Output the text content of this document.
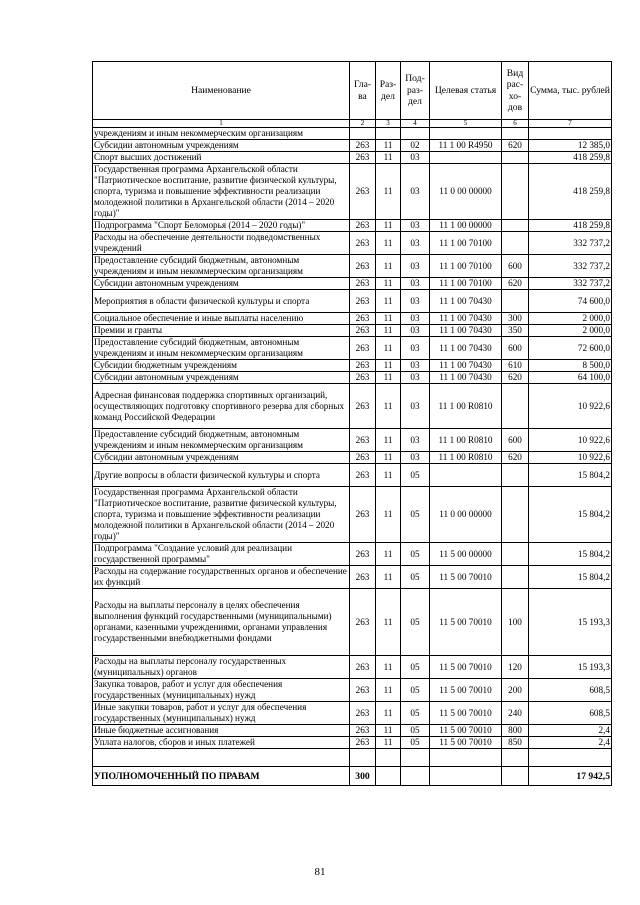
Наименование	Гла- ва	Раз- дел	Под- раз- дел	Целевая статья	Вид рас- хо- дов	Сумма, тыс. рублей
1	2	3	4	5	6	7
учреждениям и иным некоммерческим организациям						
Субсидии автономным учреждениям	263	11	02	11 1 00 R4950	620	12 385,0
Спорт высших достижений	263	11	03			418 259,8
Государственная программа Архангельской области "Патриотическое воспитание, развитие физической культуры, спорта, туризма и повышение эффективности реализации молодежной политики в Архангельской области (2014 – 2020 годы)"	263	11	03	11 0 00 00000		418 259,8
Подпрограмма "Спорт Беломорья (2014 – 2020 годы)"	263	11	03	11 1 00 00000		418 259,8
Расходы на обеспечение деятельности подведомственных учреждений	263	11	03	11 1 00 70100		332 737,2
Предоставление субсидий бюджетным, автономным учреждениям и иным некоммерческим организациям	263	11	03	11 1 00 70100	600	332 737,2
Субсидии автономным учреждениям	263	11	03	11 1 00 70100	620	332 737,2
Мероприятия в области физической культуры и спорта	263	11	03	11 1 00 70430		74 600,0
Социальное обеспечение и иные выплаты населению	263	11	03	11 1 00 70430	300	2 000,0
Премии и гранты	263	11	03	11 1 00 70430	350	2 000,0
Предоставление субсидий бюджетным, автономным учреждениям и иным некоммерческим организациям	263	11	03	11 1 00 70430	600	72 600,0
Субсидии бюджетным учреждениям	263	11	03	11 1 00 70430	610	8 500,0
Субсидии автономным учреждениям	263	11	03	11 1 00 70430	620	64 100,0
Адресная финансовая поддержка спортивных организаций, осуществляющих подготовку спортивного резерва для сборных команд Российской Федерации	263	11	03	11 1 00 R0810		10 922,6
Предоставление субсидий бюджетным, автономным учреждениям и иным некоммерческим организациям	263	11	03	11 1 00 R0810	600	10 922,6
Субсидии автономным учреждениям	263	11	03	11 1 00 R0810	620	10 922,6
Другие вопросы в области физической культуры и спорта	263	11	05			15 804,2
Государственная программа Архангельской области "Патриотическое воспитание, развитие физической культуры, спорта, туризма и повышение эффективности реализации молодежной политики в Архангельской области (2014 – 2020 годы)"	263	11	05	11 0 00 00000		15 804,2
Подпрограмма "Создание условий для реализации государственной программы"	263	11	05	11 5 00 00000		15 804,2
Расходы на содержание государственных органов и обеспечение их функций	263	11	05	11 5 00 70010		15 804,2
Расходы на выплаты персоналу в целях обеспечения выполнения функций государственными (муниципальными) органами, казенными учреждениями, органами управления государственными внебюджетными фондами	263	11	05	11 5 00 70010	100	15 193,3
Расходы на выплаты персоналу государственных (муниципальных) органов	263	11	05	11 5 00 70010	120	15 193,3
Закупка товаров, работ и услуг для обеспечения государственных (муниципальных) нужд	263	11	05	11 5 00 70010	200	608,5
Иные закупки товаров, работ и услуг для обеспечения государственных (муниципальных) нужд	263	11	05	11 5 00 70010	240	608,5
Иные бюджетные ассигнования	263	11	05	11 5 00 70010	800	2,4
Уплата налогов, сборов и иных платежей	263	11	05	11 5 00 70010	850	2,4

УПОЛНОМОЧЕННЫЙ ПО ПРАВАМ	300					17 942,5
81
